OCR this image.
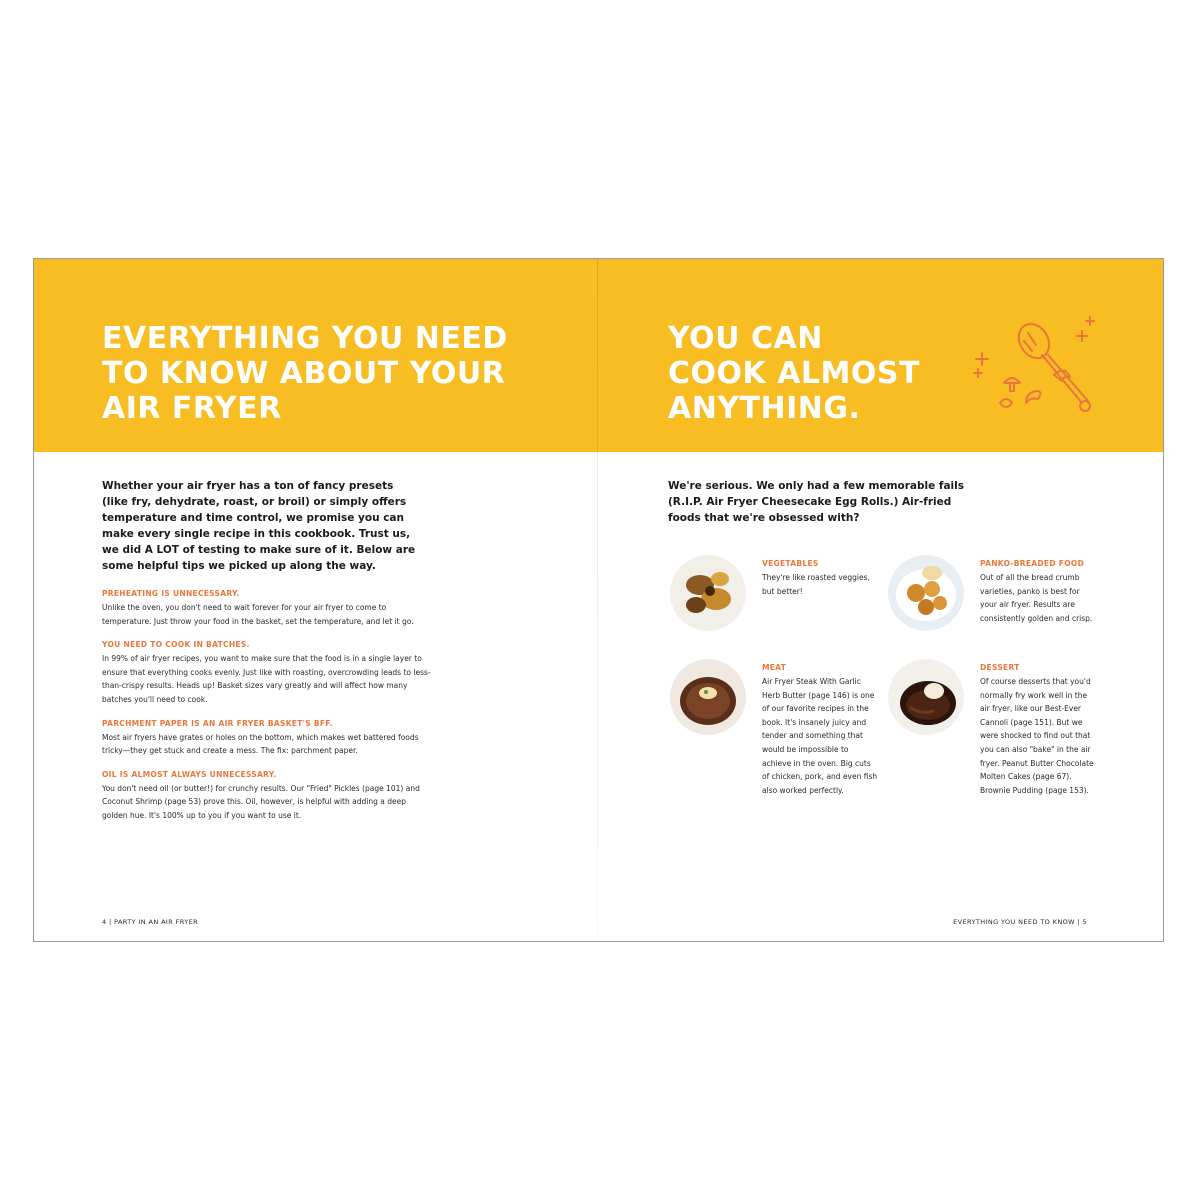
EVERYTHING YOU NEED
TO KNOW ABOUT YOUR
AIR FRYER

Whether your air fryer has a ton of fancy presets (like fry, dehydrate, roast, or broil) or simply offers temperature and time control, we promise you can make every single recipe in this cookbook. Trust us, we did A LOT of testing to make sure of it. Below are some helpful tips we picked up along the way.

PREHEATING IS UNNECESSARY.
Unlike the oven, you don't need to wait forever for your air fryer to come to temperature. Just throw your food in the basket, set the temperature, and let it go.
YOU NEED TO COOK IN BATCHES.
In 99% of air fryer recipes, you want to make sure that the food is in a single layer to ensure that everything cooks evenly. Just like with roasting, overcrowding leads to less-than-crispy results. Heads up! Basket sizes vary greatly and will affect how many batches you'll need to cook.
PARCHMENT PAPER IS AN AIR FRYER BASKET'S BFF.
Most air fryers have grates or holes on the bottom, which makes wet battered foods tricky—they get stuck and create a mess. The fix: parchment paper.
OIL IS ALMOST ALWAYS UNNECESSARY.
You don't need oil (or butter!) for crunchy results. Our "Fried" Pickles (page 101) and Coconut Shrimp (page 53) prove this. Oil, however, is helpful with adding a deep golden hue. It's 100% up to you if you want to use it.
4 | PARTY IN AN AIR FRYER
YOU CAN
COOK ALMOST
ANYTHING.

We're serious. We only had a few memorable fails (R.I.P. Air Fryer Cheesecake Egg Rolls.) Air-fried foods that we're obsessed with?

VEGETABLES
They're like roasted veggies, but better!
PANKO-BREADED FOOD
Out of all the bread crumb varieties, panko is best for your air fryer. Results are consistently golden and crisp.
MEAT
Air Fryer Steak With Garlic Herb Butter (page 146) is one of our favorite recipes in the book. It's insanely juicy and tender and something that would be impossible to achieve in the oven. Big cuts of chicken, pork, and even fish also worked perfectly.
DESSERT
Of course desserts that you'd normally fry work well in the air fryer, like our Best-Ever Cannoli (page 151). But we were shocked to find out that you can also "bake" in the air fryer. Peanut Butter Chocolate Molten Cakes (page 67). Brownie Pudding (page 153).
EVERYTHING YOU NEED TO KNOW | 5
